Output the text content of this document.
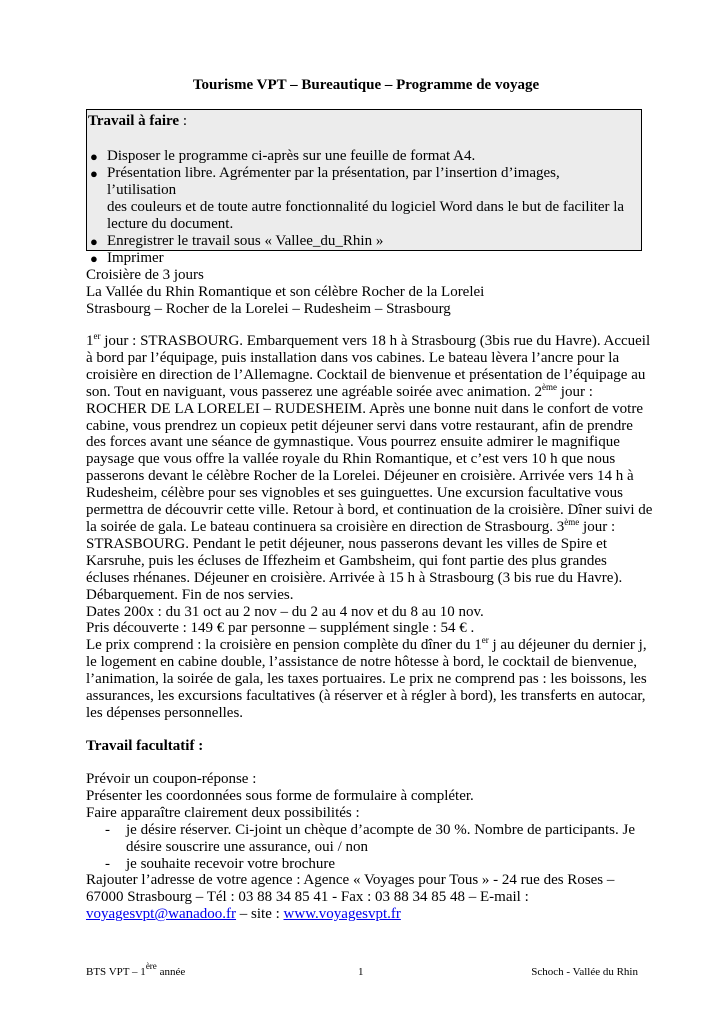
Tourisme VPT – Bureautique – Programme de voyage
Travail à faire :
● Disposer le programme ci-après sur une feuille de format A4.
● Présentation libre. Agrémenter par la présentation, par l’insertion d’images, l’utilisation
des couleurs et de toute autre fonctionnalité du logiciel Word dans le but de faciliter la
lecture du document.
● Enregistrer le travail sous « Vallee_du_Rhin »
● Imprimer
Croisière de 3 jours
La Vallée du Rhin Romantique et son célèbre Rocher de la Lorelei
Strasbourg – Rocher de la Lorelei – Rudesheim – Strasbourg
1er jour : STRASBOURG. Embarquement vers 18 h à Strasbourg (3bis rue du Havre). Accueil
à bord par l’équipage, puis installation dans vos cabines. Le bateau lèvera l’ancre pour la
croisière en direction de l’Allemagne. Cocktail de bienvenue et présentation de l’équipage au
son. Tout en naviguant, vous passerez une agréable soirée avec animation. 2ème jour :
ROCHER DE LA LORELEI – RUDESHEIM. Après une bonne nuit dans le confort de votre
cabine, vous prendrez un copieux petit déjeuner servi dans votre restaurant, afin de prendre
des forces avant une séance de gymnastique. Vous pourrez ensuite admirer le magnifique
paysage que vous offre la vallée royale du Rhin Romantique, et c’est vers 10 h que nous
passerons devant le célèbre Rocher de la Lorelei. Déjeuner en croisière. Arrivée vers 14 h à
Rudesheim, célèbre pour ses vignobles et ses guinguettes. Une excursion facultative vous
permettra de découvrir cette ville. Retour à bord, et continuation de la croisière. Dîner suivi de
la soirée de gala. Le bateau continuera sa croisière en direction de Strasbourg. 3ème jour :
STRASBOURG. Pendant le petit déjeuner, nous passerons devant les villes de Spire et
Karsruhe, puis les écluses de Iffezheim et Gambsheim, qui font partie des plus grandes
écluses rhénanes. Déjeuner en croisière. Arrivée à 15 h à Strasbourg (3 bis rue du Havre).
Débarquement. Fin de nos servies.
Dates 200x : du 31 oct au 2 nov – du 2 au 4 nov et du 8 au 10 nov.
Pris découverte : 149 € par personne – supplément single : 54 € .
Le prix comprend : la croisière en pension complète du dîner du 1er j au déjeuner du dernier j,
le logement en cabine double, l’assistance de notre hôtesse à bord, le cocktail de bienvenue,
l’animation, la soirée de gala, les taxes portuaires. Le prix ne comprend pas : les boissons, les
assurances, les excursions facultatives (à réserver et à régler à bord), les transferts en autocar,
les dépenses personnelles.
Travail facultatif :
Prévoir un coupon-réponse :
Présenter les coordonnées sous forme de formulaire à compléter.
Faire apparaître clairement deux possibilités :
- je désire réserver. Ci-joint un chèque d’acompte de 30 %. Nombre de participants. Je
désire souscrire une assurance, oui / non
- je souhaite recevoir votre brochure
Rajouter l’adresse de votre agence : Agence « Voyages pour Tous » - 24 rue des Roses –
67000 Strasbourg – Tél : 03 88 34 85 41 - Fax : 03 88 34 85 48 – E-mail :
voyagesvpt@wanadoo.fr – site : www.voyagesvpt.fr
BTS VPT – 1ère année	1	Schoch - Vallée du Rhin
